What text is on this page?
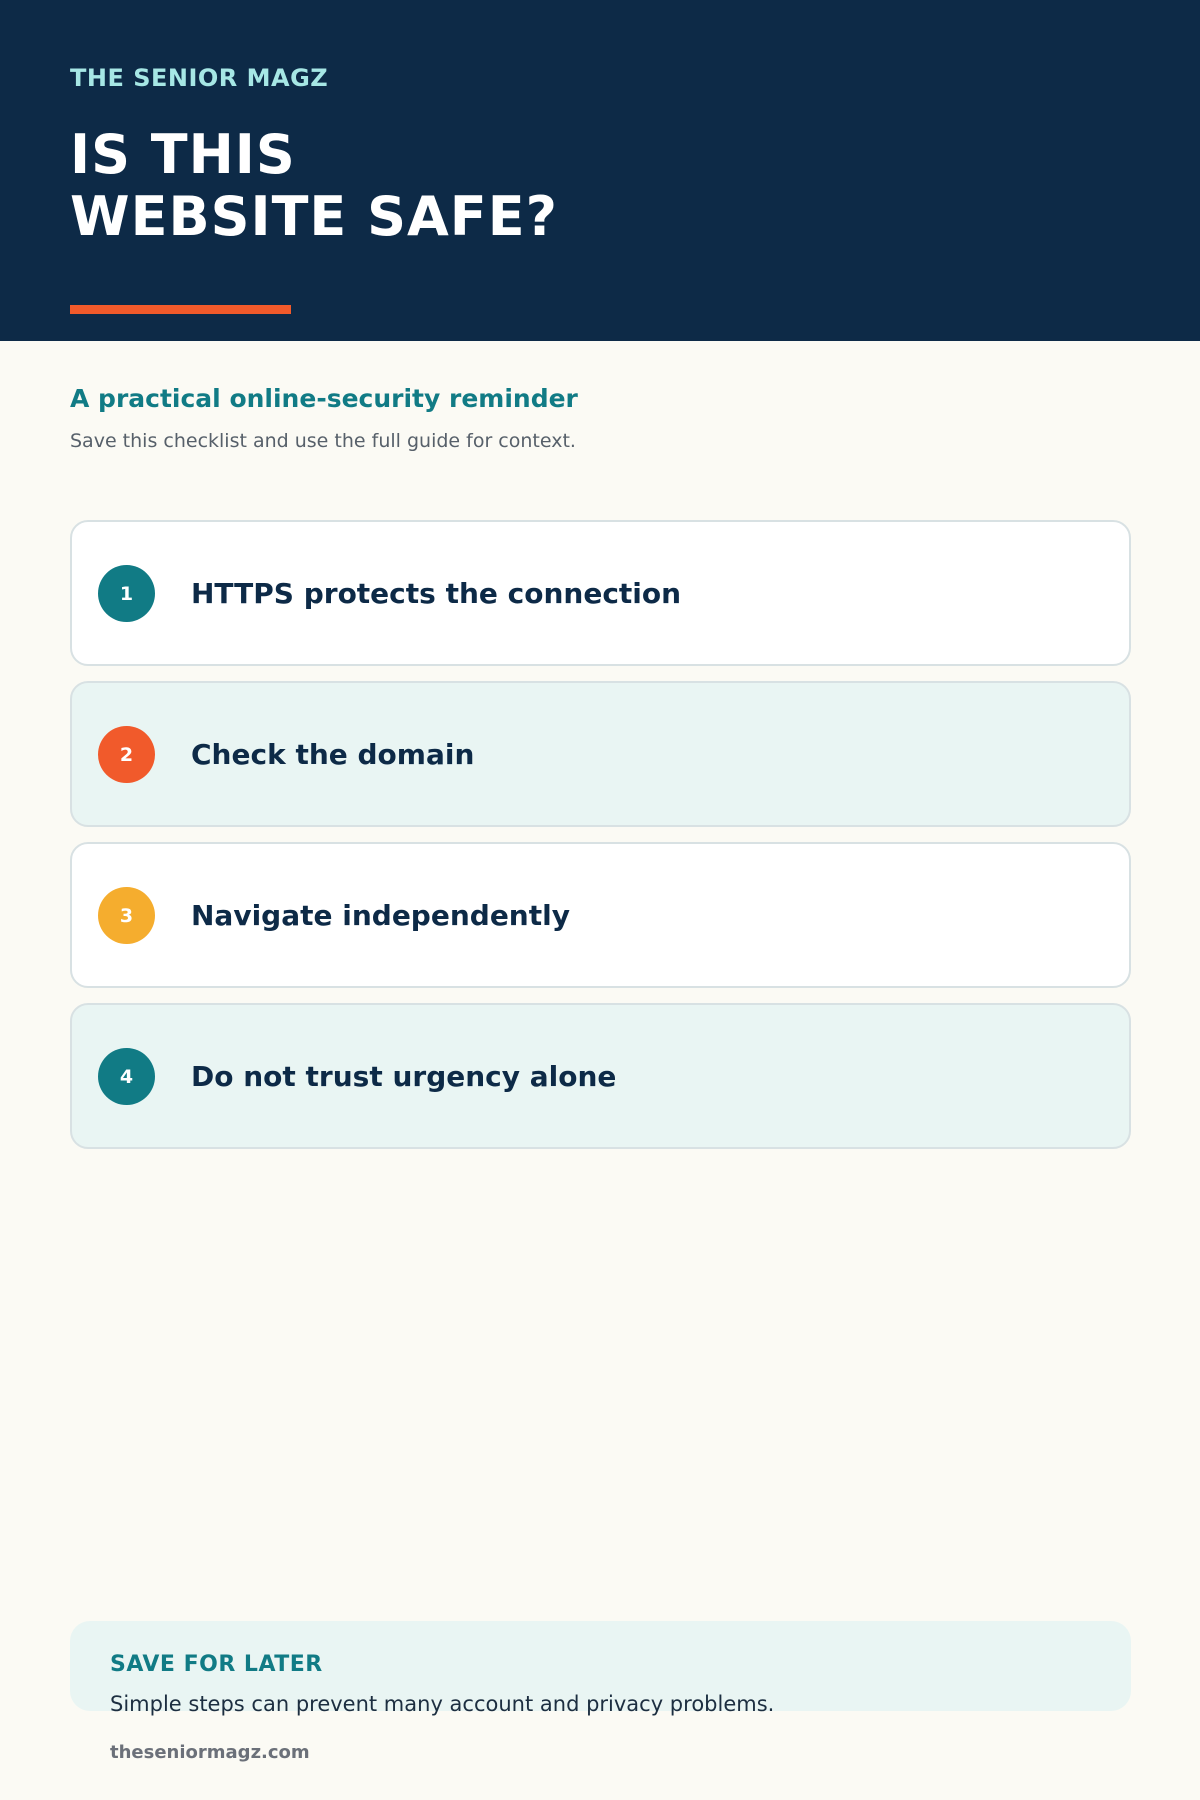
THE SENIOR MAGZ
IS THIS
WEBSITE SAFE?
A practical online-security reminder
Save this checklist and use the full guide for context.
1	HTTPS protects the connection
2	Check the domain
3	Navigate independently
4	Do not trust urgency alone
SAVE FOR LATER
Simple steps can prevent many account and privacy problems.
theseniormagz.com
